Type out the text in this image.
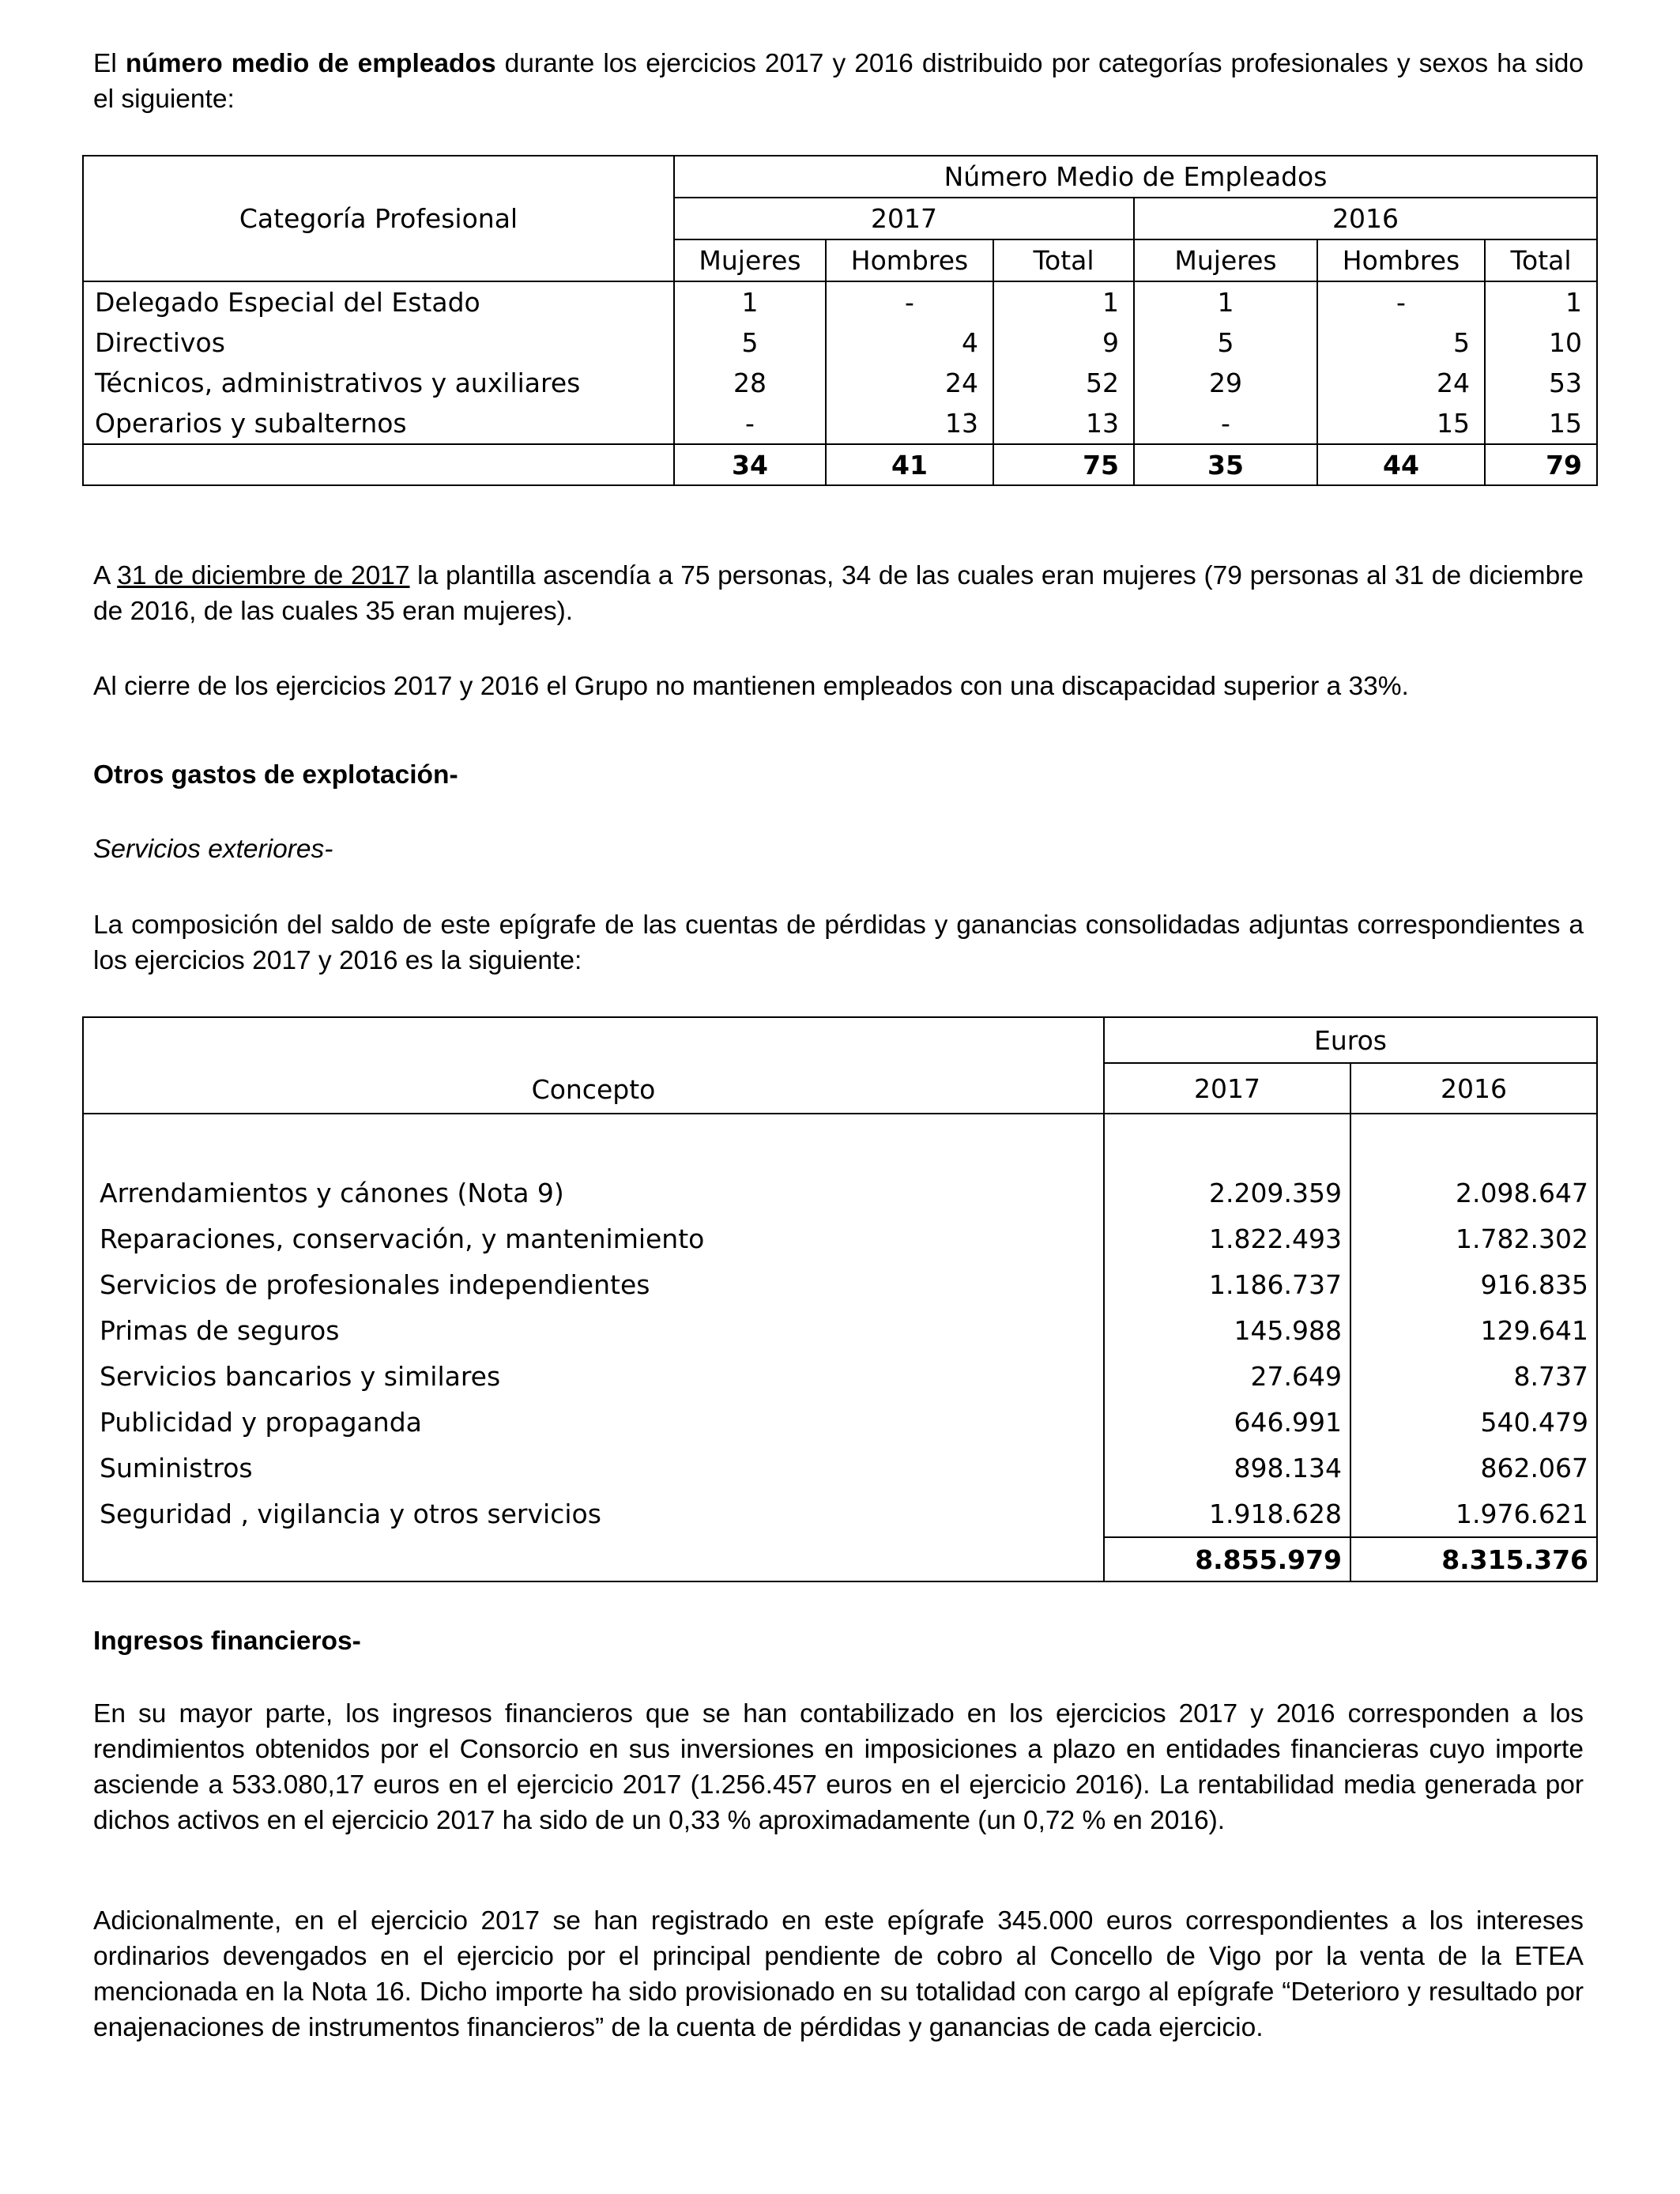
El número medio de empleados durante los ejercicios 2017 y 2016 distribuido por categorías profesionales y sexos ha sido el siguiente:

Categoría Profesional	Número Medio de Empleados					
	2017			2016		
	Mujeres	Hombres	Total	Mujeres	Hombres	Total
Delegado Especial del Estado	1	-	1	1	-	1
Directivos	5	4	9	5	5	10
Técnicos, administrativos y auxiliares	28	24	52	29	24	53
Operarios y subalternos	-	13	13	-	15	15
	34	41	75	35	44	79

A 31 de diciembre de 2017 la plantilla ascendía a 75 personas, 34 de las cuales eran mujeres (79 personas al 31 de diciembre de 2016, de las cuales 35 eran mujeres).

Al cierre de los ejercicios 2017 y 2016 el Grupo no mantienen empleados con una discapacidad superior a 33%.

Otros gastos de explotación-

Servicios exteriores-

La composición del saldo de este epígrafe de las cuentas de pérdidas y ganancias consolidadas adjuntas correspondientes a los ejercicios 2017 y 2016 es la siguiente:

Concepto	Euros	
	2017	2016

Arrendamientos y cánones (Nota 9)	2.209.359	2.098.647
Reparaciones, conservación, y mantenimiento	1.822.493	1.782.302
Servicios de profesionales independientes	1.186.737	916.835
Primas de seguros	145.988	129.641
Servicios bancarios y similares	27.649	8.737
Publicidad y propaganda	646.991	540.479
Suministros	898.134	862.067
Seguridad , vigilancia y otros servicios	1.918.628	1.976.621
	8.855.979	8.315.376

Ingresos financieros-

En su mayor parte, los ingresos financieros que se han contabilizado en los ejercicios 2017 y 2016 corresponden a los rendimientos obtenidos por el Consorcio en sus inversiones en imposiciones a plazo en entidades financieras cuyo importe asciende a 533.080,17 euros en el ejercicio 2017 (1.256.457 euros en el ejercicio 2016). La rentabilidad media generada por dichos activos en el ejercicio 2017 ha sido de un 0,33 % aproximadamente (un 0,72 % en 2016).

Adicionalmente, en el ejercicio 2017 se han registrado en este epígrafe 345.000 euros correspondientes a los intereses ordinarios devengados en el ejercicio por el principal pendiente de cobro al Concello de Vigo por la venta de la ETEA mencionada en la Nota 16. Dicho importe ha sido provisionado en su totalidad con cargo al epígrafe “Deterioro y resultado por enajenaciones de instrumentos financieros” de la cuenta de pérdidas y ganancias de cada ejercicio.
